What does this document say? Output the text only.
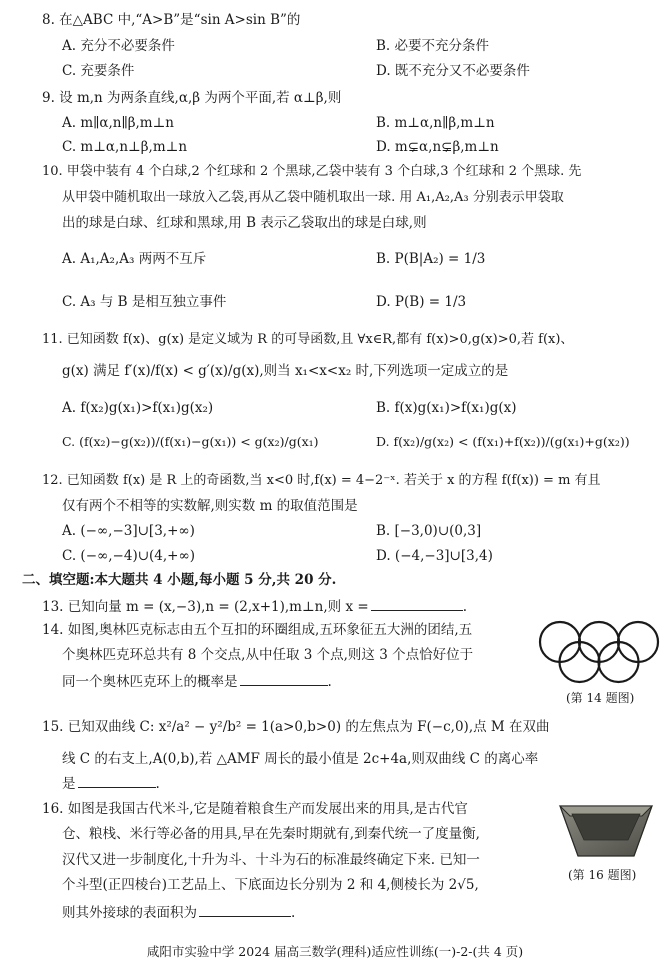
8. 在△ABC 中,“A>B”是“sin A>sin B”的
A. 充分不必要条件	B. 必要不充分条件
C. 充要条件	D. 既不充分又不必要条件
9. 设 m,n 为两条直线,α,β 为两个平面,若 α⊥β,则
A. m∥α,n∥β,m⊥n	B. m⊥α,n∥β,m⊥n
C. m⊥α,n⊥β,m⊥n	D. m⊊α,n⊊β,m⊥n
10. 甲袋中装有 4 个白球,2 个红球和 2 个黑球,乙袋中装有 3 个白球,3 个红球和 2 个黑球. 先
从甲袋中随机取出一球放入乙袋,再从乙袋中随机取出一球. 用 A₁,A₂,A₃ 分别表示甲袋取
出的球是白球、红球和黑球,用 B 表示乙袋取出的球是白球,则
A. A₁,A₂,A₃ 两两不互斥	B. P(B|A₂) = 1/3
C. A₃ 与 B 是相互独立事件	D. P(B) = 1/3
11. 已知函数 f(x)、g(x) 是定义域为 R 的可导函数,且 ∀x∈R,都有 f(x)>0,g(x)>0,若 f(x)、
g(x) 满足 f′(x)/f(x) < g′(x)/g(x),则当 x₁<x<x₂ 时,下列选项一定成立的是
A. f(x₂)g(x₁)>f(x₁)g(x₂)	B. f(x)g(x₁)>f(x₁)g(x)
C. (f(x₂)−g(x₂))/(f(x₁)−g(x₁)) < g(x₂)/g(x₁)	D. f(x₂)/g(x₂) < (f(x₁)+f(x₂))/(g(x₁)+g(x₂))
12. 已知函数 f(x) 是 R 上的奇函数,当 x<0 时,f(x) = 4−2⁻ˣ. 若关于 x 的方程 f(f(x)) = m 有且
仅有两个不相等的实数解,则实数 m 的取值范围是
A. (−∞,−3]∪[3,+∞)	B. [−3,0)∪(0,3]
C. (−∞,−4)∪(4,+∞)	D. (−4,−3]∪[3,4)
二、填空题:本大题共 4 小题,每小题 5 分,共 20 分.
13. 已知向量 m = (x,−3),n = (2,x+1),m⊥n,则 x =	.
14. 如图,奥林匹克标志由五个互扣的环圈组成,五环象征五大洲的团结,五
个奥林匹克环总共有 8 个交点,从中任取 3 个点,则这 3 个点恰好位于
同一个奥林匹克环上的概率是	.
(第 14 题图)
15. 已知双曲线 C: x²/a² − y²/b² = 1(a>0,b>0) 的左焦点为 F(−c,0),点 M 在双曲
线 C 的右支上,A(0,b),若 △AMF 周长的最小值是 2c+4a,则双曲线 C 的离心率
是	.
16. 如图是我国古代米斗,它是随着粮食生产而发展出来的用具,是古代官
仓、粮栈、米行等必备的用具,早在先秦时期就有,到秦代统一了度量衡,
汉代又进一步制度化,十升为斗、十斗为石的标准最终确定下来. 已知一
个斗型(正四棱台)工艺品上、下底面边长分别为 2 和 4,侧棱长为 2√5,
则其外接球的表面积为	.
(第 16 题图)
咸阳市实验中学 2024 届高三数学(理科)适应性训练(一)-2-(共 4 页)
